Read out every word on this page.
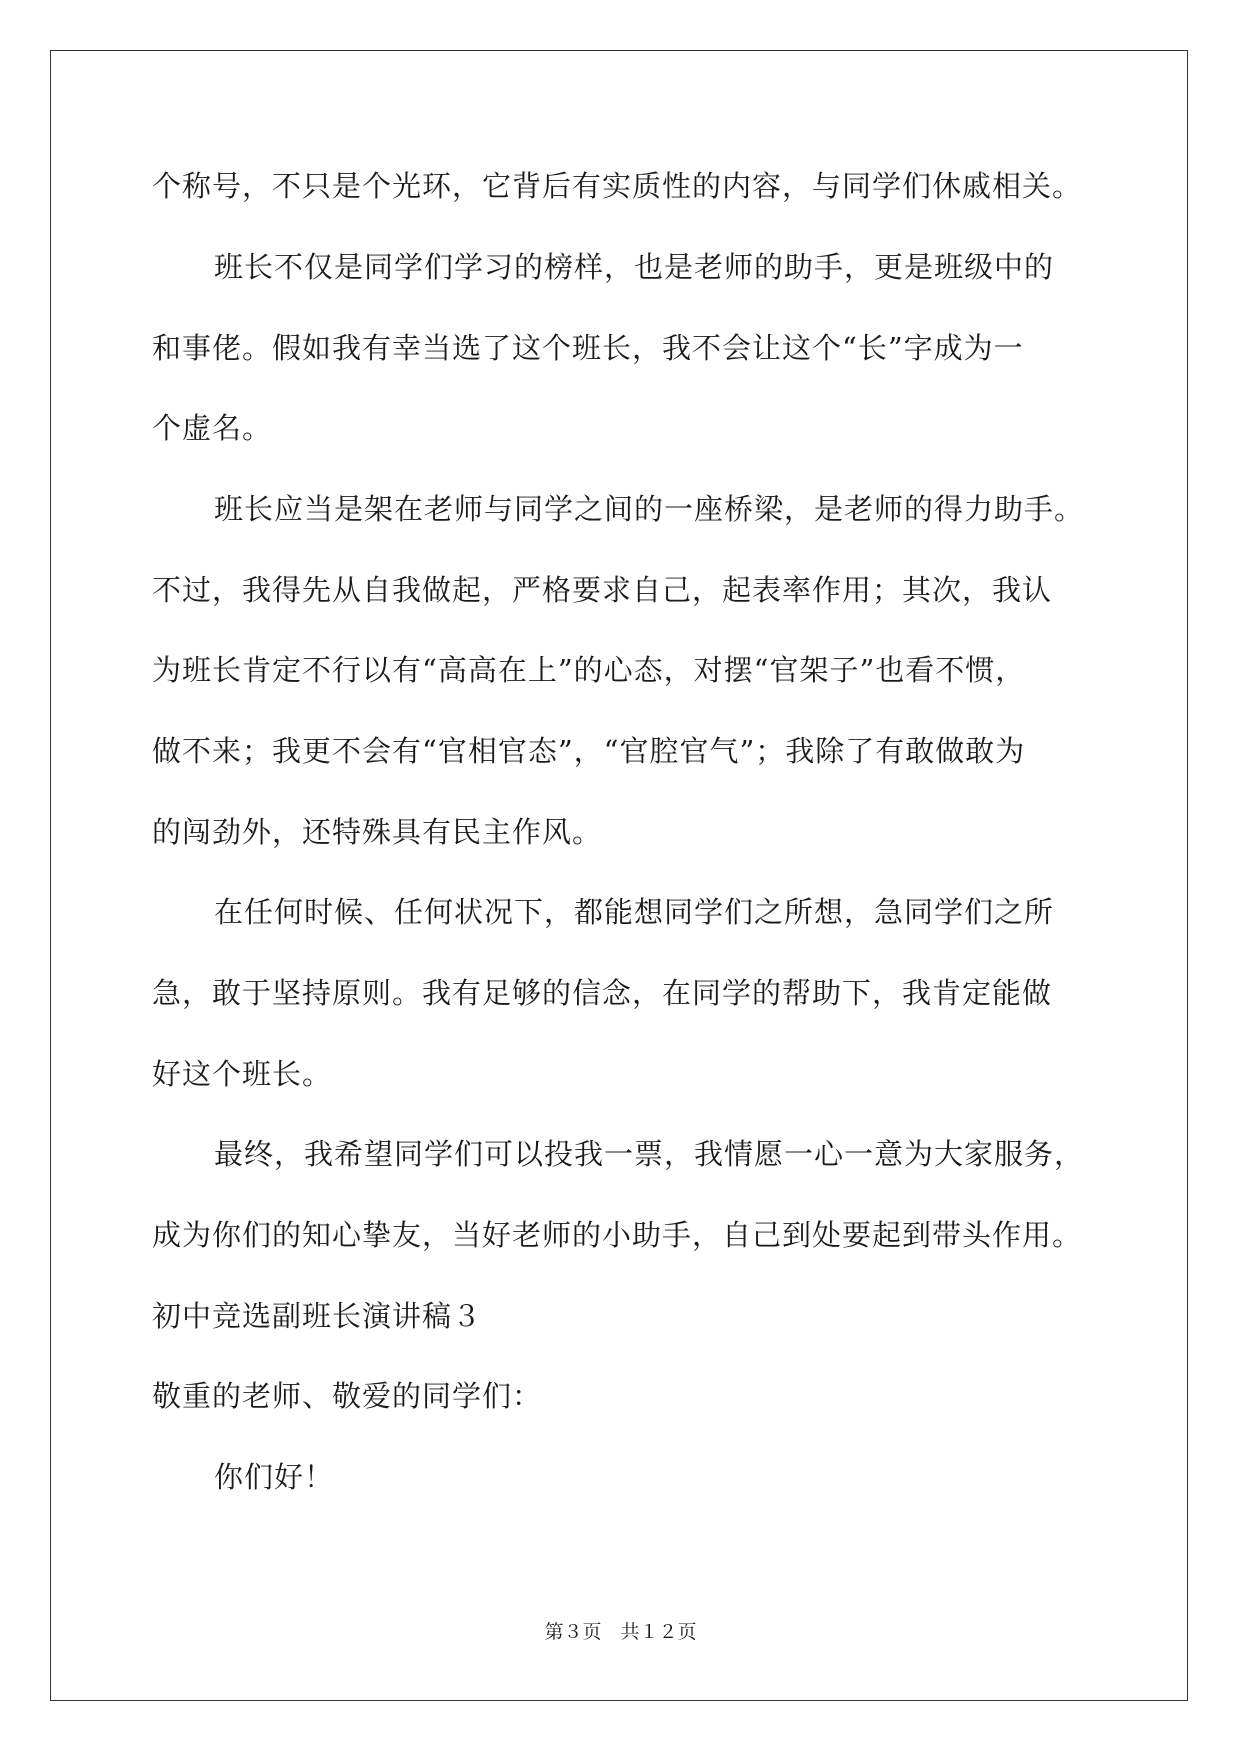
个称号，不只是个光环，它背后有实质性的内容，与同学们休戚相关。
班长不仅是同学们学习的榜样，也是老师的助手，更是班级中的
和事佬。假如我有幸当选了这个班长，我不会让这个“长”字成为一
个虚名。
班长应当是架在老师与同学之间的一座桥梁，是老师的得力助手。
不过，我得先从自我做起，严格要求自己，起表率作用；其次，我认
为班长肯定不行以有“高高在上”的心态，对摆“官架子”也看不惯，
做不来；我更不会有“官相官态”，“官腔官气”；我除了有敢做敢为
的闯劲外，还特殊具有民主作风。
在任何时候、任何状况下，都能想同学们之所想，急同学们之所
急，敢于坚持原则。我有足够的信念，在同学的帮助下，我肯定能做
好这个班长。
最终，我希望同学们可以投我一票，我情愿一心一意为大家服务，
成为你们的知心挚友，当好老师的小助手，自己到处要起到带头作用。
初中竞选副班长演讲稿３
敬重的老师、敬爱的同学们：
你们好！
第３页　共１２页
